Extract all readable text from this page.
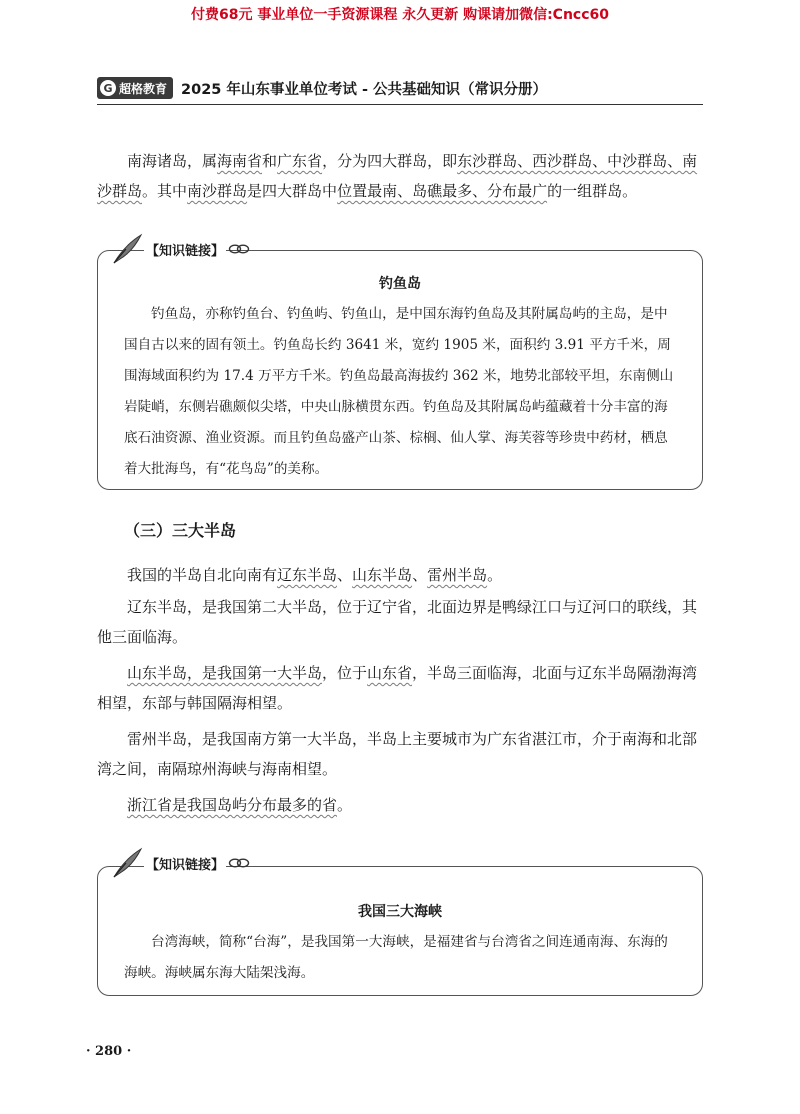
付费68元 事业单位一手资源课程 永久更新 购课请加微信:Cncc60
G 超格教育 2025 年山东事业单位考试 - 公共基础知识（常识分册）

南海诸岛，属海南省和广东省，分为四大群岛，即东沙群岛、西沙群岛、中沙群岛、南沙群岛。其中南沙群岛是四大群岛中位置最南、岛礁最多、分布最广的一组群岛。

钓鱼岛

钓鱼岛，亦称钓鱼台、钓鱼屿、钓鱼山，是中国东海钓鱼岛及其附属岛屿的主岛，是中国自古以来的固有领土。钓鱼岛长约 3641 米，宽约 1905 米，面积约 3.91 平方千米，周围海域面积约为 17.4 万平方千米。钓鱼岛最高海拔约 362 米，地势北部较平坦，东南侧山岩陡峭，东侧岩礁颇似尖塔，中央山脉横贯东西。钓鱼岛及其附属岛屿蕴藏着十分丰富的海底石油资源、渔业资源。而且钓鱼岛盛产山茶、棕榈、仙人掌、海芙蓉等珍贵中药材，栖息着大批海鸟，有“花鸟岛”的美称。

【知识链接】
（三）三大半岛

我国的半岛自北向南有辽东半岛、山东半岛、雷州半岛。

辽东半岛，是我国第二大半岛，位于辽宁省，北面边界是鸭绿江口与辽河口的联线，其他三面临海。

山东半岛，是我国第一大半岛，位于山东省，半岛三面临海，北面与辽东半岛隔渤海湾相望，东部与韩国隔海相望。

雷州半岛，是我国南方第一大半岛，半岛上主要城市为广东省湛江市，介于南海和北部湾之间，南隔琼州海峡与海南相望。

浙江省是我国岛屿分布最多的省。

我国三大海峡

台湾海峡，简称“台海”，是我国第一大海峡，是福建省与台湾省之间连通南海、东海的海峡。海峡属东海大陆架浅海。

【知识链接】
· 280 ·
